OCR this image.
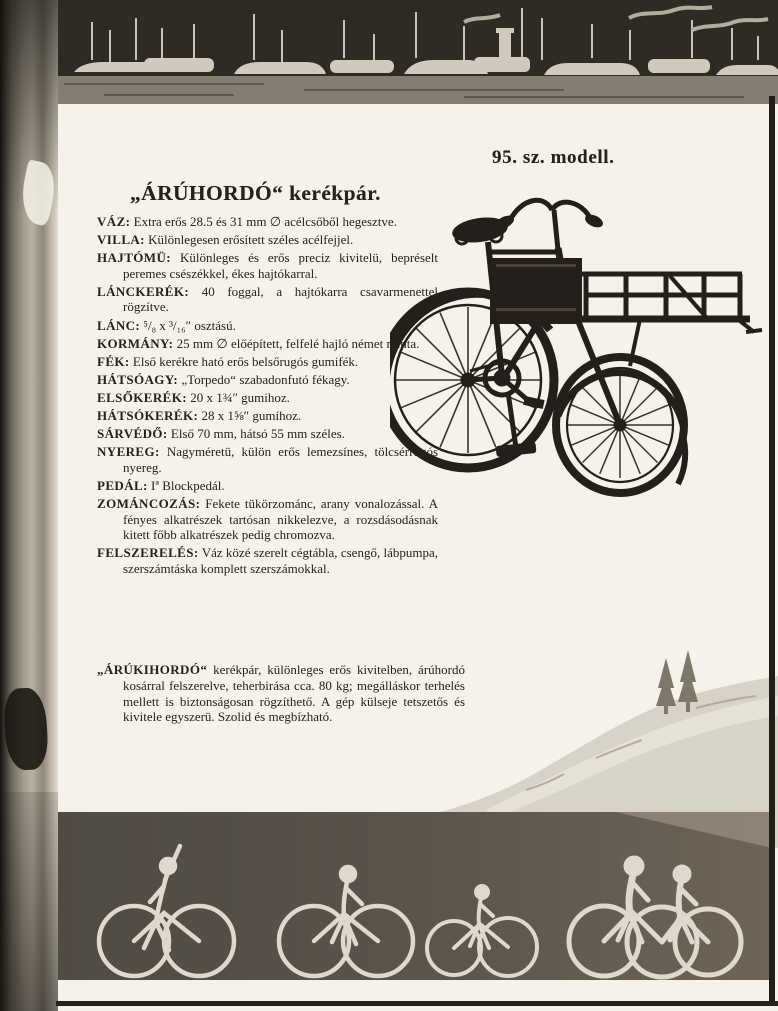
95. sz. modell.
„ÁRÚHORDÓ“ kerékpár.
VÁZ: Extra erős 28.5 és 31 mm ∅ acélcsőből hegesztve.
VILLA: Különlegesen erősített széles acélfejjel.
HAJTÓMÜ: Különleges és erős preciz kivitelü, bepréselt peremes csészékkel, ékes hajtókarral.
LÁNCKERÉK: 40 foggal, a hajtókarra csavarmenettel rögzítve.
LÁNC: ⁵/₈ x ³/₁₆″ osztású.
KORMÁNY: 25 mm ∅ előépített, felfelé hajló német minta.
FÉK: Első kerékre ható erős belsőrugós gumifék.
HÁTSÓAGY: „Torpedo“ szabadonfutó fékagy.
ELSŐKERÉK: 20 x 1¾″ gumihoz.
HÁTSÓKERÉK: 28 x 1⅝″ gumihoz.
SÁRVÉDŐ: Első 70 mm, hátsó 55 mm széles.
NYEREG: Nagyméretü, külön erős lemezsínes, tölcsérrugós nyereg.
PEDÁL: Iª Blockpedál.
ZOMÁNCOZÁS: Fekete tükörzománc, arany vonalozással. A fényes alkatrészek tartósan nikkelezve, a rozsdásodásnak kitett főbb alkatrészek pedig chromozva.
FELSZERELÉS: Váz közé szerelt cégtábla, csengő, lábpumpa, szerszámtáska komplett szerszámokkal.

„ÁRÚKIHORDÓ“ kerékpár, különleges erős kivitelben, árúhordó kosárral felszerelve, teherbirása cca. 80 kg; megálláskor terhelés mellett is biztonságosan rögzíthető. A gép külseje tetszetős és kivitele egyszerü. Szolid és megbízható.
